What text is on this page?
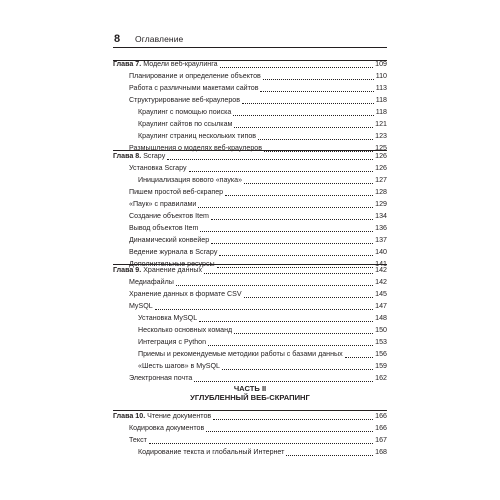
8 Оглавление
Глава 7. Модели веб-краулинга	109
Планирование и определение объектов	110
Работа с различными макетами сайтов	113
Структурирование веб-краулеров	118
Краулинг с помощью поиска	118
Краулинг сайтов по ссылкам	121
Краулинг страниц нескольких типов	123
Размышления о моделях веб-краулеров	125
Глава 8. Scrapy	126
Установка Scrapy	126
Инициализация вового «паука»	127
Пишем простой веб-скрапер	128
«Паук» с правилами	129
Создание объектов Item	134
Вывод объектов Item	136
Динамический конвейер	137
Ведение журнала в Scrapy	140
Дополнительные ресурсы	141
Глава 9. Хранение данных	142
Медиафайлы	142
Хранение данных в формате CSV	145
MySQL	147
Установка MySQL	148
Несколько основных команд	150
Интеграция с Python	153
Приемы и рекомендуемые методики работы с базами данных	156
«Шесть шагов» в MySQL	159
Электронная почта	162
ЧАСТЬ II
УГЛУБЛЕННЫЙ ВЕБ-СКРАПИНГ
Глава 10. Чтение документов	166
Кодировка документов	166
Текст	167
Кодирование текста и глобальный Интернет	168
